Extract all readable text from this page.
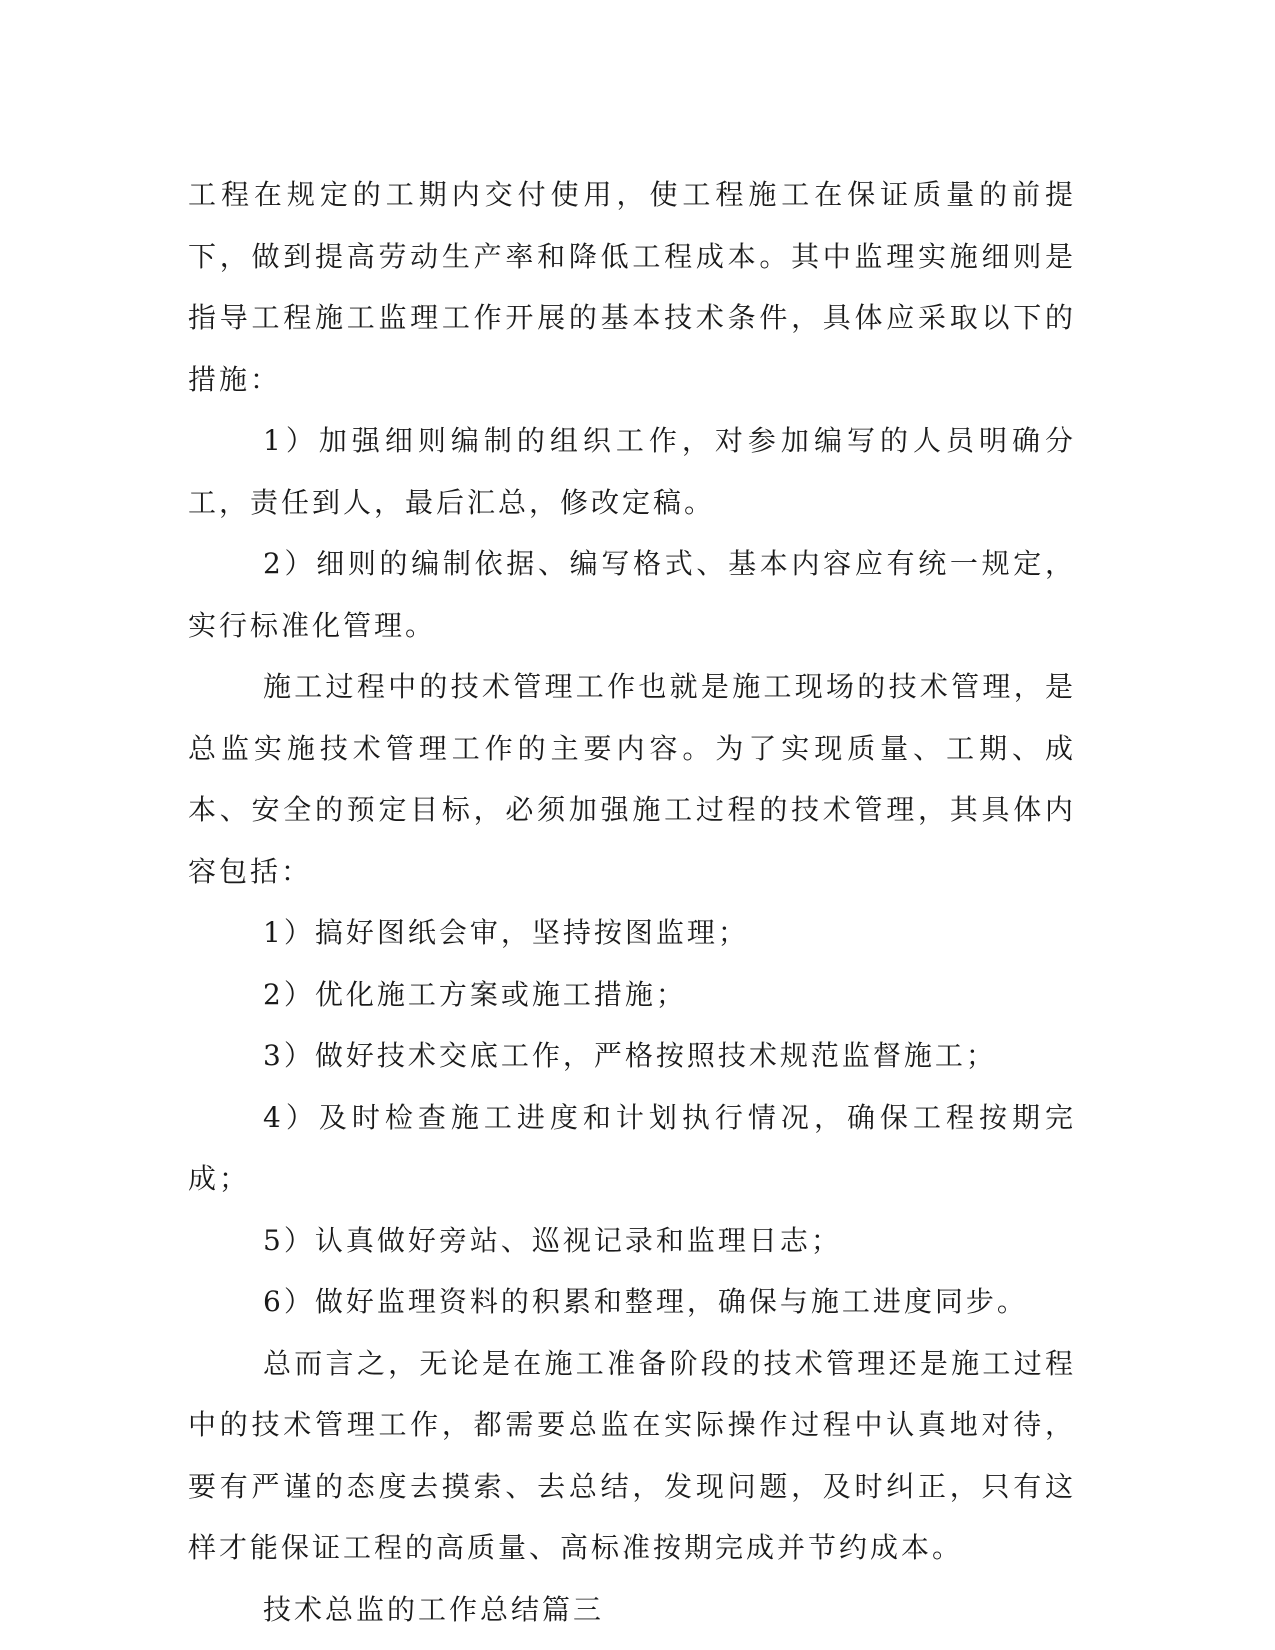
工程在规定的工期内交付使用，使工程施工在保证质量的前提下，做到提高劳动生产率和降低工程成本。其中监理实施细则是指导工程施工监理工作开展的基本技术条件，具体应采取以下的措施：

1）加强细则编制的组织工作，对参加编写的人员明确分工，责任到人，最后汇总，修改定稿。

2）细则的编制依据、编写格式、基本内容应有统一规定，实行标准化管理。

施工过程中的技术管理工作也就是施工现场的技术管理，是总监实施技术管理工作的主要内容。为了实现质量、工期、成本、安全的预定目标，必须加强施工过程的技术管理，其具体内容包括：

1）搞好图纸会审，坚持按图监理；

2）优化施工方案或施工措施；

3）做好技术交底工作，严格按照技术规范监督施工；

4）及时检查施工进度和计划执行情况，确保工程按期完成；

5）认真做好旁站、巡视记录和监理日志；

6）做好监理资料的积累和整理，确保与施工进度同步。

总而言之，无论是在施工准备阶段的技术管理还是施工过程中的技术管理工作，都需要总监在实际操作过程中认真地对待，要有严谨的态度去摸索、去总结，发现问题，及时纠正，只有这样才能保证工程的高质量、高标准按期完成并节约成本。

技术总监的工作总结篇三
